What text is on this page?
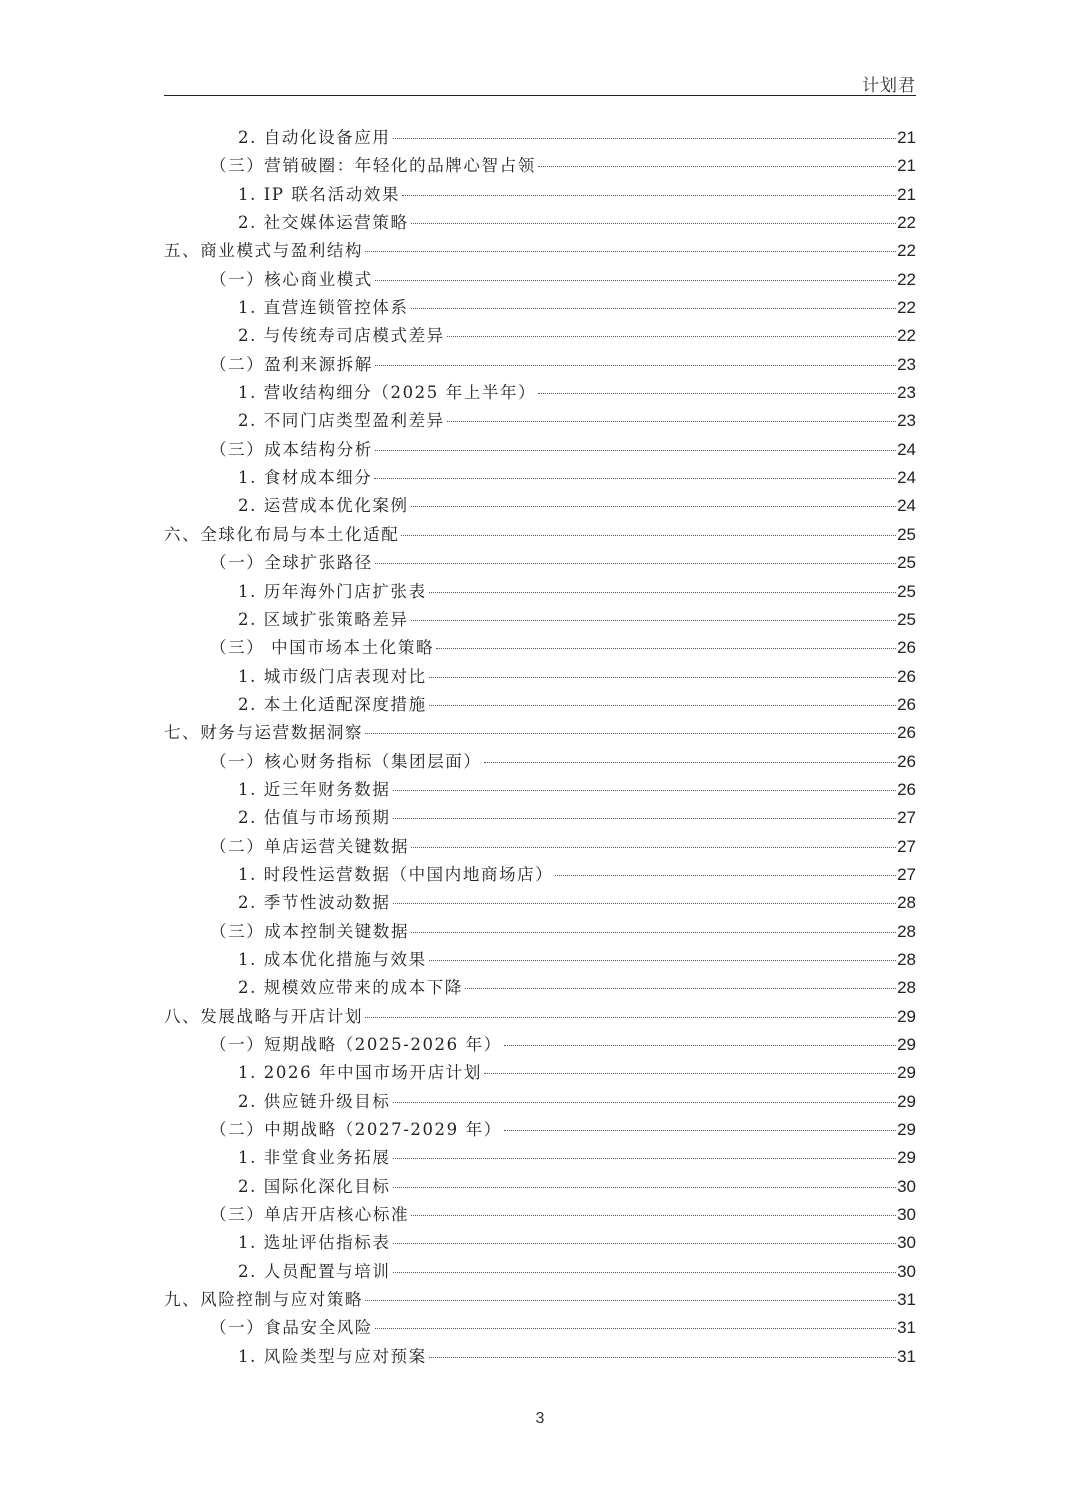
计划君
2. 自动化设备应用	21
（三）营销破圈：年轻化的品牌心智占领	21
1. IP 联名活动效果	21
2. 社交媒体运营策略	22
五、商业模式与盈利结构	22
（一）核心商业模式	22
1. 直营连锁管控体系	22
2. 与传统寿司店模式差异	22
（二）盈利来源拆解	23
1. 营收结构细分（2025 年上半年）	23
2. 不同门店类型盈利差异	23
（三）成本结构分析	24
1. 食材成本细分	24
2. 运营成本优化案例	24
六、全球化布局与本土化适配	25
（一）全球扩张路径	25
1. 历年海外门店扩张表	25
2. 区域扩张策略差异	25
（三） 中国市场本土化策略	26
1. 城市级门店表现对比	26
2. 本土化适配深度措施	26
七、财务与运营数据洞察	26
（一）核心财务指标（集团层面）	26
1. 近三年财务数据	26
2. 估值与市场预期	27
（二）单店运营关键数据	27
1. 时段性运营数据（中国内地商场店）	27
2. 季节性波动数据	28
（三）成本控制关键数据	28
1. 成本优化措施与效果	28
2. 规模效应带来的成本下降	28
八、发展战略与开店计划	29
（一）短期战略（2025-2026 年）	29
1. 2026 年中国市场开店计划	29
2. 供应链升级目标	29
（二）中期战略（2027-2029 年）	29
1. 非堂食业务拓展	29
2. 国际化深化目标	30
（三）单店开店核心标准	30
1. 选址评估指标表	30
2. 人员配置与培训	30
九、风险控制与应对策略	31
（一）食品安全风险	31
1. 风险类型与应对预案	31
3
